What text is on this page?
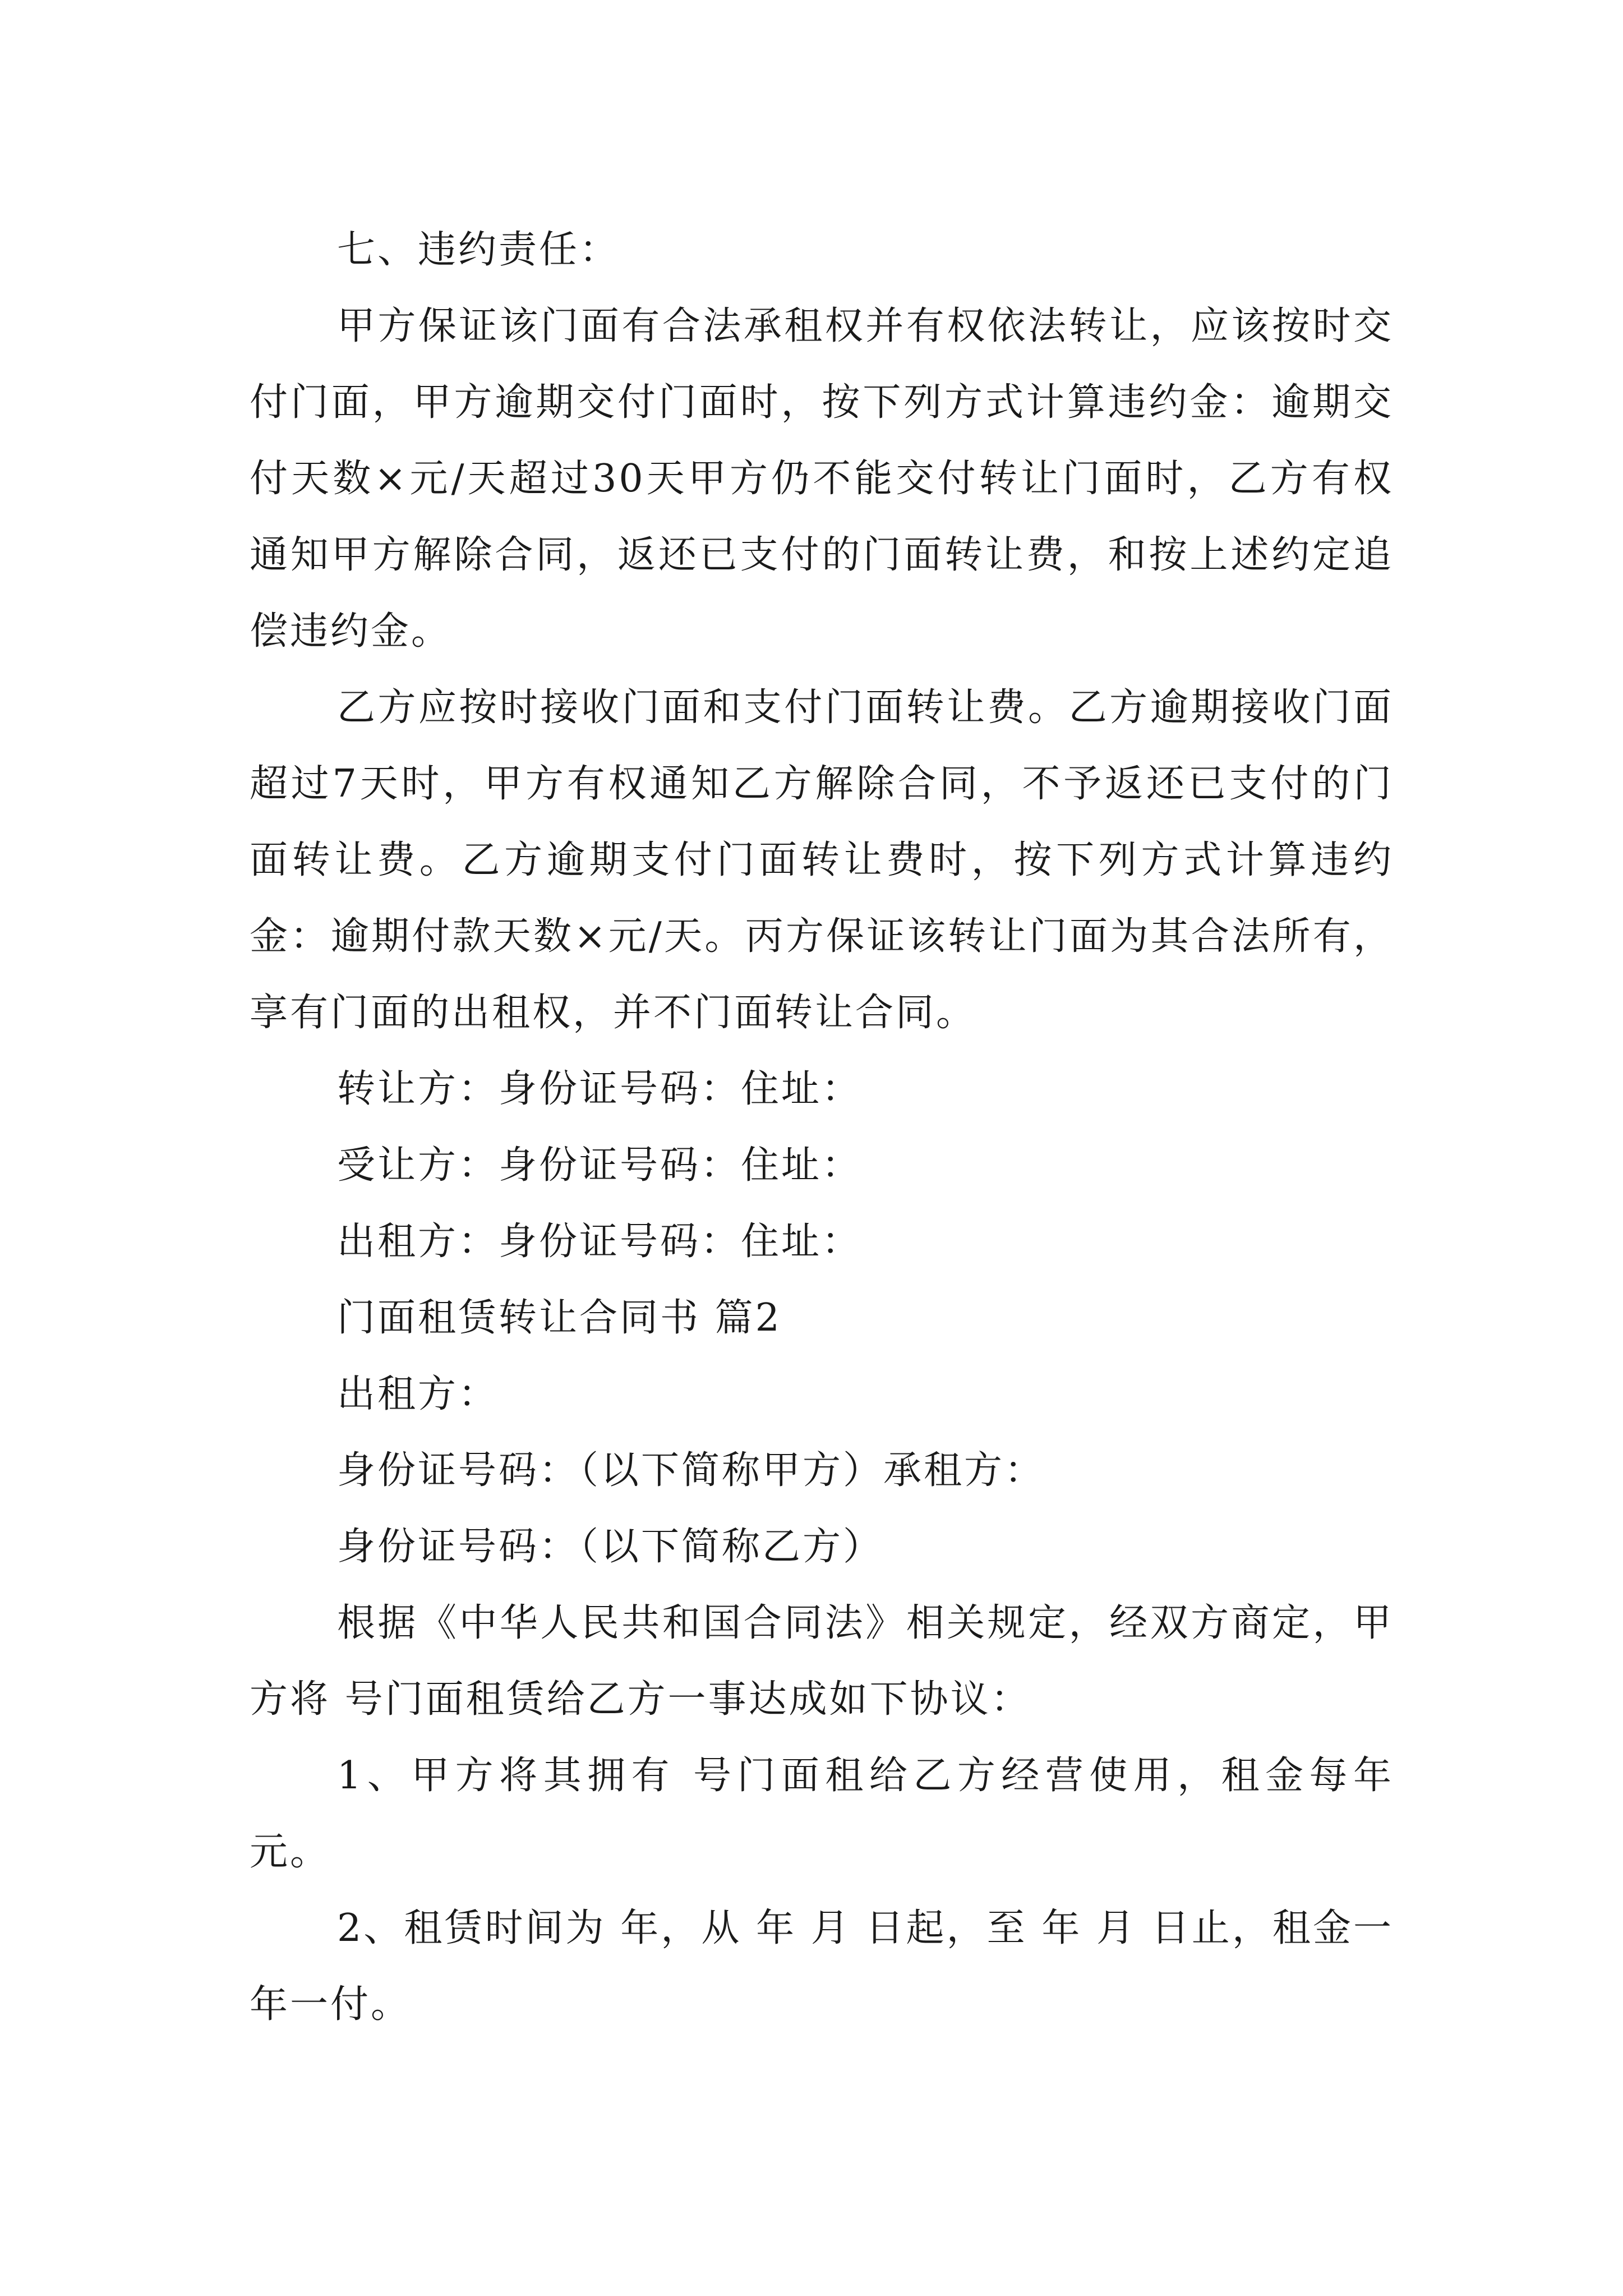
七、违约责任：

甲方保证该门面有合法承租权并有权依法转让，应该按时交付门面，甲方逾期交付门面时，按下列方式计算违约金：逾期交付天数×元/天超过30天甲方仍不能交付转让门面时，乙方有权通知甲方解除合同，返还已支付的门面转让费，和按上述约定追偿违约金。

乙方应按时接收门面和支付门面转让费。乙方逾期接收门面超过7天时，甲方有权通知乙方解除合同，不予返还已支付的门面转让费。乙方逾期支付门面转让费时，按下列方式计算违约金：逾期付款天数×元/天。丙方保证该转让门面为其合法所有，享有门面的出租权，并不门面转让合同。

转让方：身份证号码：住址：

受让方：身份证号码：住址：

出租方：身份证号码：住址：

门面租赁转让合同书 篇2

出租方：

身份证号码：（以下简称甲方）承租方：

身份证号码：（以下简称乙方）

根据《中华人民共和国合同法》相关规定，经双方商定，甲方将 号门面租赁给乙方一事达成如下协议：

1、甲方将其拥有 号门面租给乙方经营使用，租金每年 元。

2、租赁时间为 年，从 年 月 日起，至 年 月 日止，租金一年一付。
